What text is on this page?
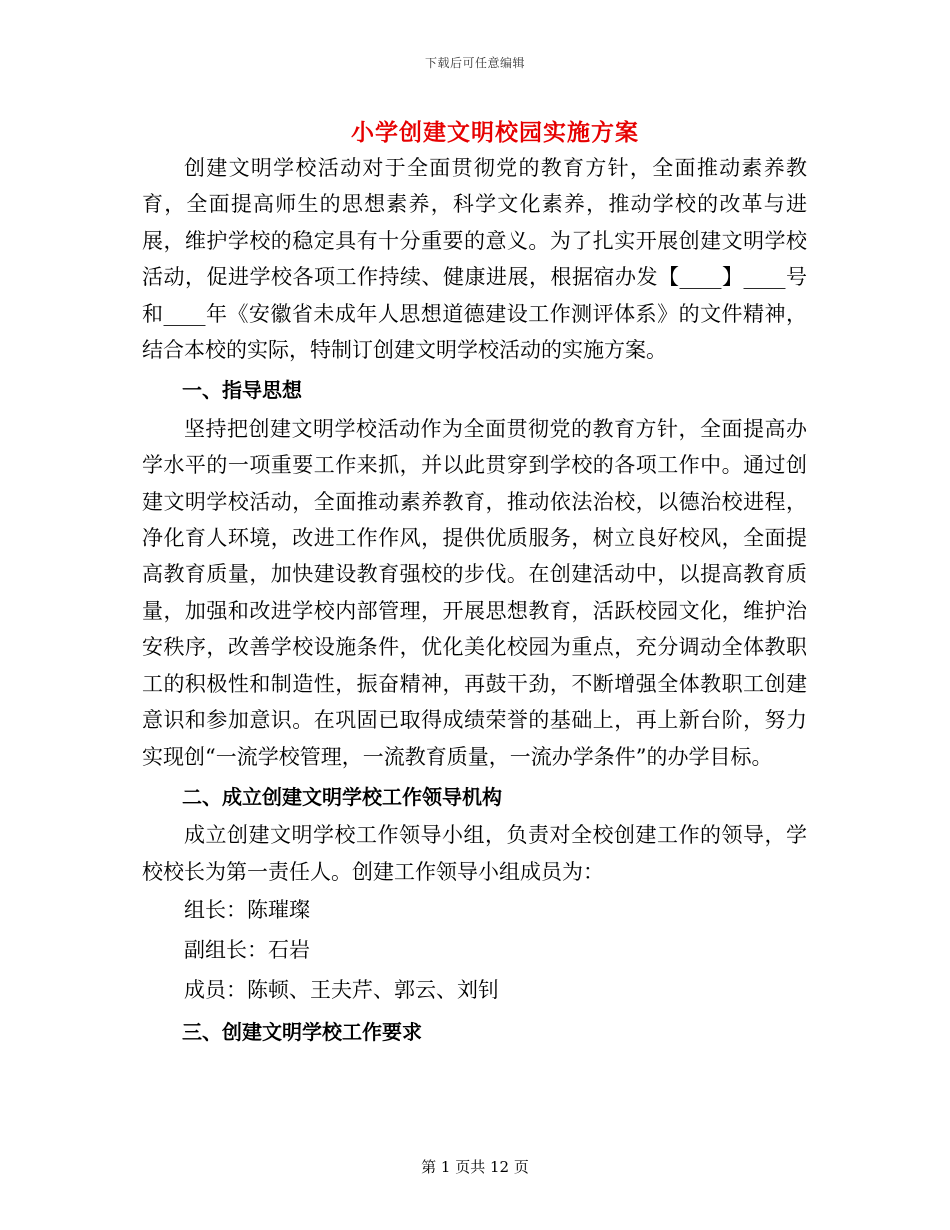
下载后可任意编辑
小学创建文明校园实施方案

创建文明学校活动对于全面贯彻党的教育方针，全面推动素养教育，全面提高师生的思想素养，科学文化素养，推动学校的改革与进展，维护学校的稳定具有十分重要的意义。为了扎实开展创建文明学校活动，促进学校各项工作持续、健康进展，根据宿办发【____】____号和____年《安徽省未成年人思想道德建设工作测评体系》的文件精神，结合本校的实际，特制订创建文明学校活动的实施方案。

一、指导思想

坚持把创建文明学校活动作为全面贯彻党的教育方针，全面提高办学水平的一项重要工作来抓，并以此贯穿到学校的各项工作中。通过创建文明学校活动，全面推动素养教育，推动依法治校，以德治校进程，净化育人环境，改进工作作风，提供优质服务，树立良好校风，全面提高教育质量，加快建设教育强校的步伐。在创建活动中，以提高教育质量，加强和改进学校内部管理，开展思想教育，活跃校园文化，维护治安秩序，改善学校设施条件，优化美化校园为重点，充分调动全体教职工的积极性和制造性，振奋精神，再鼓干劲，不断增强全体教职工创建意识和参加意识。在巩固已取得成绩荣誉的基础上，再上新台阶，努力实现创“一流学校管理，一流教育质量，一流办学条件”的办学目标。

二、成立创建文明学校工作领导机构

成立创建文明学校工作领导小组，负责对全校创建工作的领导，学校校长为第一责任人。创建工作领导小组成员为：

组长：陈璀璨

副组长：石岩

成员：陈顿、王夫芹、郭云、刘钊

三、创建文明学校工作要求

第 1 页共 12 页
